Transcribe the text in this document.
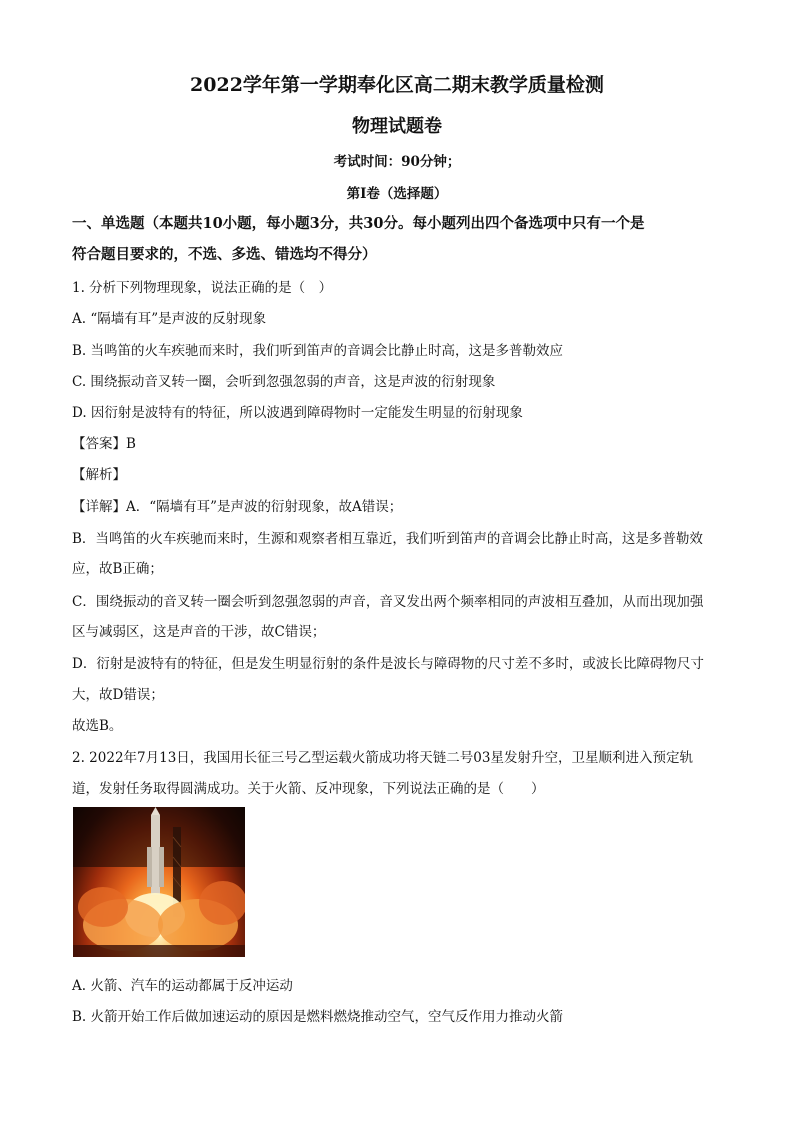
2022学年第一学期奉化区高二期末教学质量检测
物理试题卷
考试时间：90分钟；
第I卷（选择题）
一、单选题（本题共10小题，每小题3分，共30分。每小题列出四个备选项中只有一个是
符合题目要求的，不选、多选、错选均不得分）
1. 分析下列物理现象，说法正确的是（　）
A. “隔墙有耳”是声波的反射现象
B. 当鸣笛的火车疾驰而来时，我们听到笛声的音调会比静止时高，这是多普勒效应
C. 围绕振动音叉转一圈，会听到忽强忽弱的声音，这是声波的衍射现象
D. 因衍射是波特有的特征，所以波遇到障碍物时一定能发生明显的衍射现象
【答案】B
【解析】
【详解】A．“隔墙有耳”是声波的衍射现象，故A错误；
B．当鸣笛的火车疾驰而来时，生源和观察者相互靠近，我们听到笛声的音调会比静止时高，这是多普勒效
应，故B正确；
C．围绕振动的音叉转一圈会听到忽强忽弱的声音，音叉发出两个频率相同的声波相互叠加，从而出现加强
区与减弱区，这是声音的干涉，故C错误；
D．衍射是波特有的特征，但是发生明显衍射的条件是波长与障碍物的尺寸差不多时，或波长比障碍物尺寸
大，故D错误；
故选B。
2. 2022年7月13日，我国用长征三号乙型运载火箭成功将天链二号03星发射升空，卫星顺利进入预定轨
道，发射任务取得圆满成功。关于火箭、反冲现象，下列说法正确的是（　　）
A. 火箭、汽车的运动都属于反冲运动
B. 火箭开始工作后做加速运动的原因是燃料燃烧推动空气，空气反作用力推动火箭
